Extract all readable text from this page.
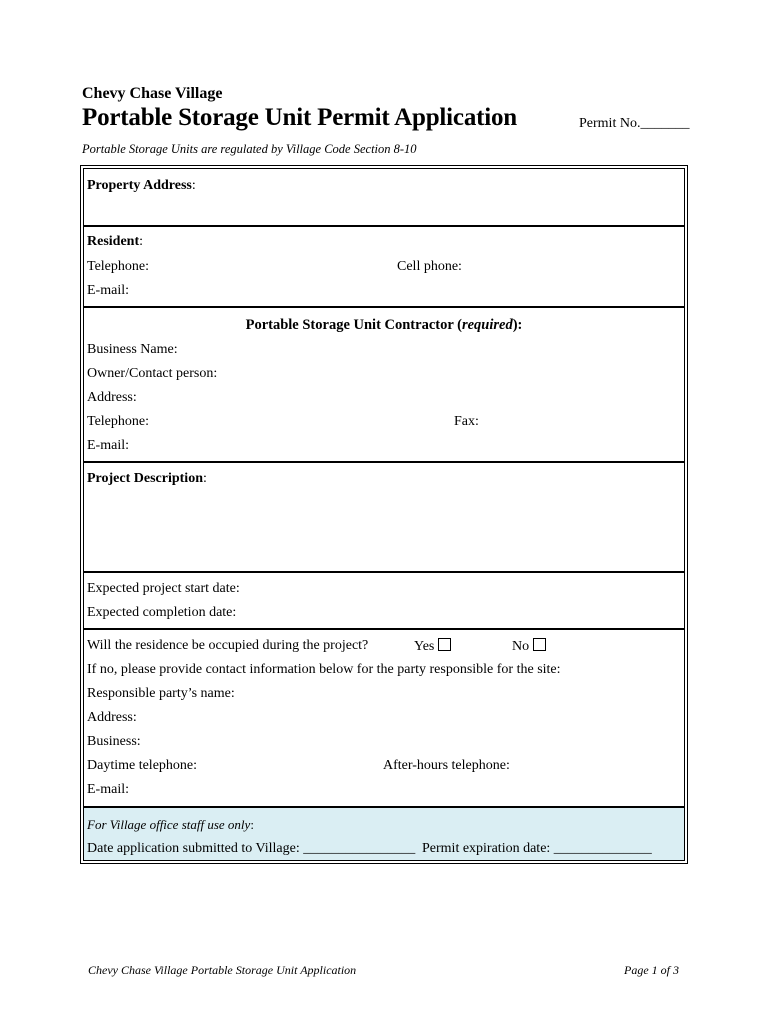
Chevy Chase Village
Portable Storage Unit Permit Application	Permit No._______
Portable Storage Units are regulated by Village Code Section 8-10
Property Address:
Resident:
Telephone:	Cell phone:
E-mail:
Portable Storage Unit Contractor (required):
Business Name:
Owner/Contact person:
Address:
Telephone:	Fax:
E-mail:
Project Description:
Expected project start date:
Expected completion date:
Will the residence be occupied during the project?	Yes	No
If no, please provide contact information below for the party responsible for the site:
Responsible party’s name:
Address:
Business:
Daytime telephone:	After-hours telephone:
E-mail:
For Village office staff use only:
Date application submitted to Village: ________________ Permit expiration date: ______________
Chevy Chase Village Portable Storage Unit Application	Page 1 of 3
